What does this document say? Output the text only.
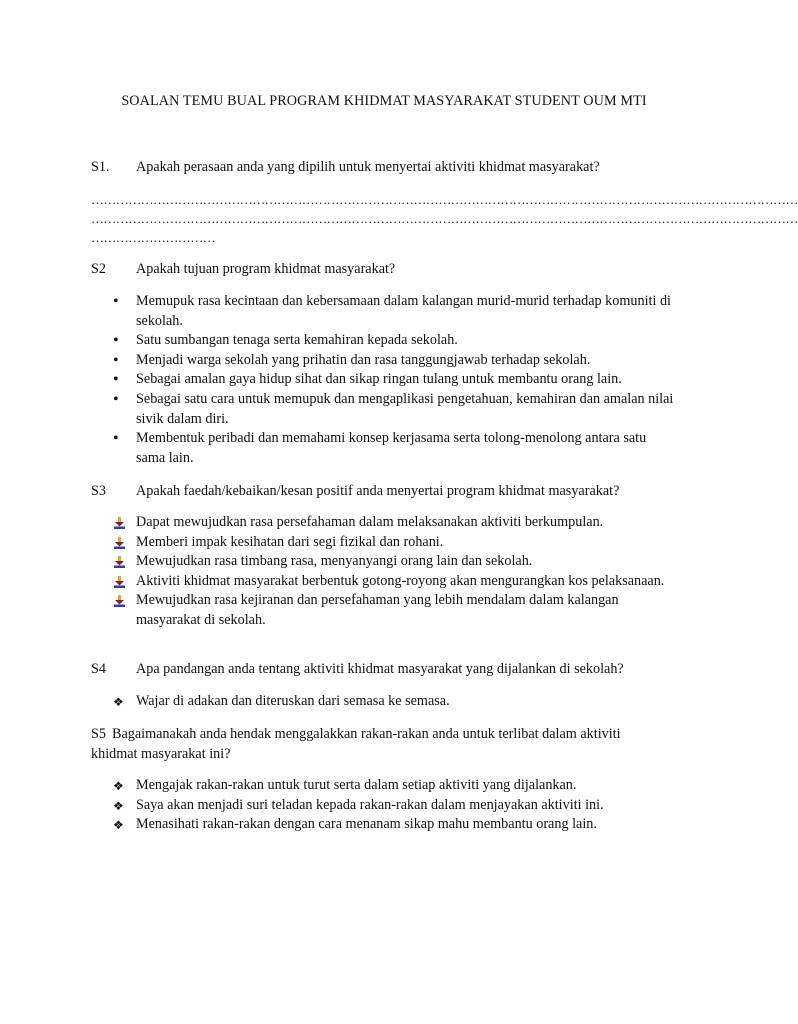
SOALAN TEMU BUAL PROGRAM KHIDMAT MASYARAKAT STUDENT OUM MTI
S1. Apakah perasaan anda yang dipilih untuk menyertai aktiviti khidmat masyarakat?
………………………………………………………………………………………………………………………………………………………
………………………………………………………………………………………………………………………………………………………
…………………………
S2 Apakah tujuan program khidmat masyarakat?
•
Memupuk rasa kecintaan dan kebersamaan dalam kalangan murid-murid terhadap komuniti di sekolah.
•
Satu sumbangan tenaga serta kemahiran kepada sekolah.
•
Menjadi warga sekolah yang prihatin dan rasa tanggungjawab terhadap sekolah.
•
Sebagai amalan gaya hidup sihat dan sikap ringan tulang untuk membantu orang lain.
•
Sebagai satu cara untuk memupuk dan mengaplikasi pengetahuan, kemahiran dan amalan nilai sivik dalam diri.
•
Membentuk peribadi dan memahami konsep kerjasama serta tolong-menolong antara satu sama lain.
S3 Apakah faedah/kebaikan/kesan positif anda menyertai program khidmat masyarakat?
Dapat mewujudkan rasa persefahaman dalam melaksanakan aktiviti berkumpulan.
Memberi impak kesihatan dari segi fizikal dan rohani.
Mewujudkan rasa timbang rasa, menyanyangi orang lain dan sekolah.
Aktiviti khidmat masyarakat berbentuk gotong-royong akan mengurangkan kos pelaksanaan.
Mewujudkan rasa kejiranan dan persefahaman yang lebih mendalam dalam kalangan masyarakat di sekolah.
S4 Apa pandangan anda tentang aktiviti khidmat masyarakat yang dijalankan di sekolah?
❖
Wajar di adakan dan diteruskan dari semasa ke semasa.
S5 Bagaimanakah anda hendak menggalakkan rakan-rakan anda untuk terlibat dalam aktiviti khidmat masyarakat ini?
❖
Mengajak rakan-rakan untuk turut serta dalam setiap aktiviti yang dijalankan.
❖
Saya akan menjadi suri teladan kepada rakan-rakan dalam menjayakan aktiviti ini.
❖
Menasihati rakan-rakan dengan cara menanam sikap mahu membantu orang lain.
